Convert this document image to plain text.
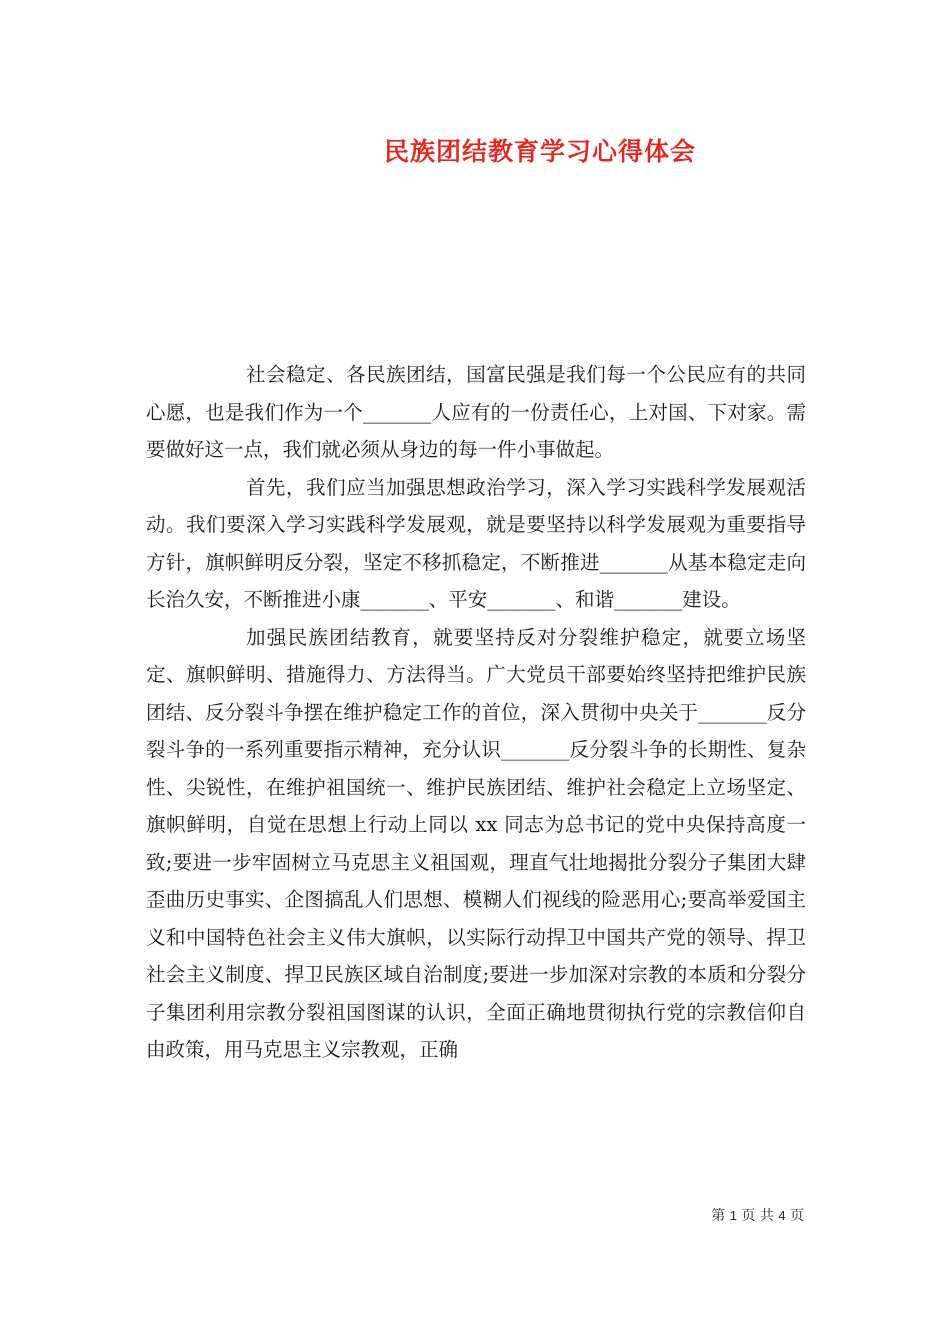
民族团结教育学习心得体会

社会稳定、各民族团结，国富民强是我们每一个公民应有的共同心愿，也是我们作为一个_______人应有的一份责任心，上对国、下对家。需要做好这一点，我们就必须从身边的每一件小事做起。

首先，我们应当加强思想政治学习，深入学习实践科学发展观活动。我们要深入学习实践科学发展观，就是要坚持以科学发展观为重要指导方针，旗帜鲜明反分裂，坚定不移抓稳定，不断推进_______从基本稳定走向长治久安，不断推进小康_______、平安_______、和谐_______建设。

加强民族团结教育，就要坚持反对分裂维护稳定，就要立场坚定、旗帜鲜明、措施得力、方法得当。广大党员干部要始终坚持把维护民族团结、反分裂斗争摆在维护稳定工作的首位，深入贯彻中央关于_______反分裂斗争的一系列重要指示精神，充分认识_______反分裂斗争的长期性、复杂性、尖锐性，在维护祖国统一、维护民族团结、维护社会稳定上立场坚定、旗帜鲜明，自觉在思想上行动上同以 xx 同志为总书记的党中央保持高度一致;要进一步牢固树立马克思主义祖国观，理直气壮地揭批分裂分子集团大肆歪曲历史事实、企图搞乱人们思想、模糊人们视线的险恶用心;要高举爱国主义和中国特色社会主义伟大旗帜，以实际行动捍卫中国共产党的领导、捍卫社会主义制度、捍卫民族区域自治制度;要进一步加深对宗教的本质和分裂分子集团利用宗教分裂祖国图谋的认识，全面正确地贯彻执行党的宗教信仰自由政策，用马克思主义宗教观，正确

第 1 页 共 4 页
